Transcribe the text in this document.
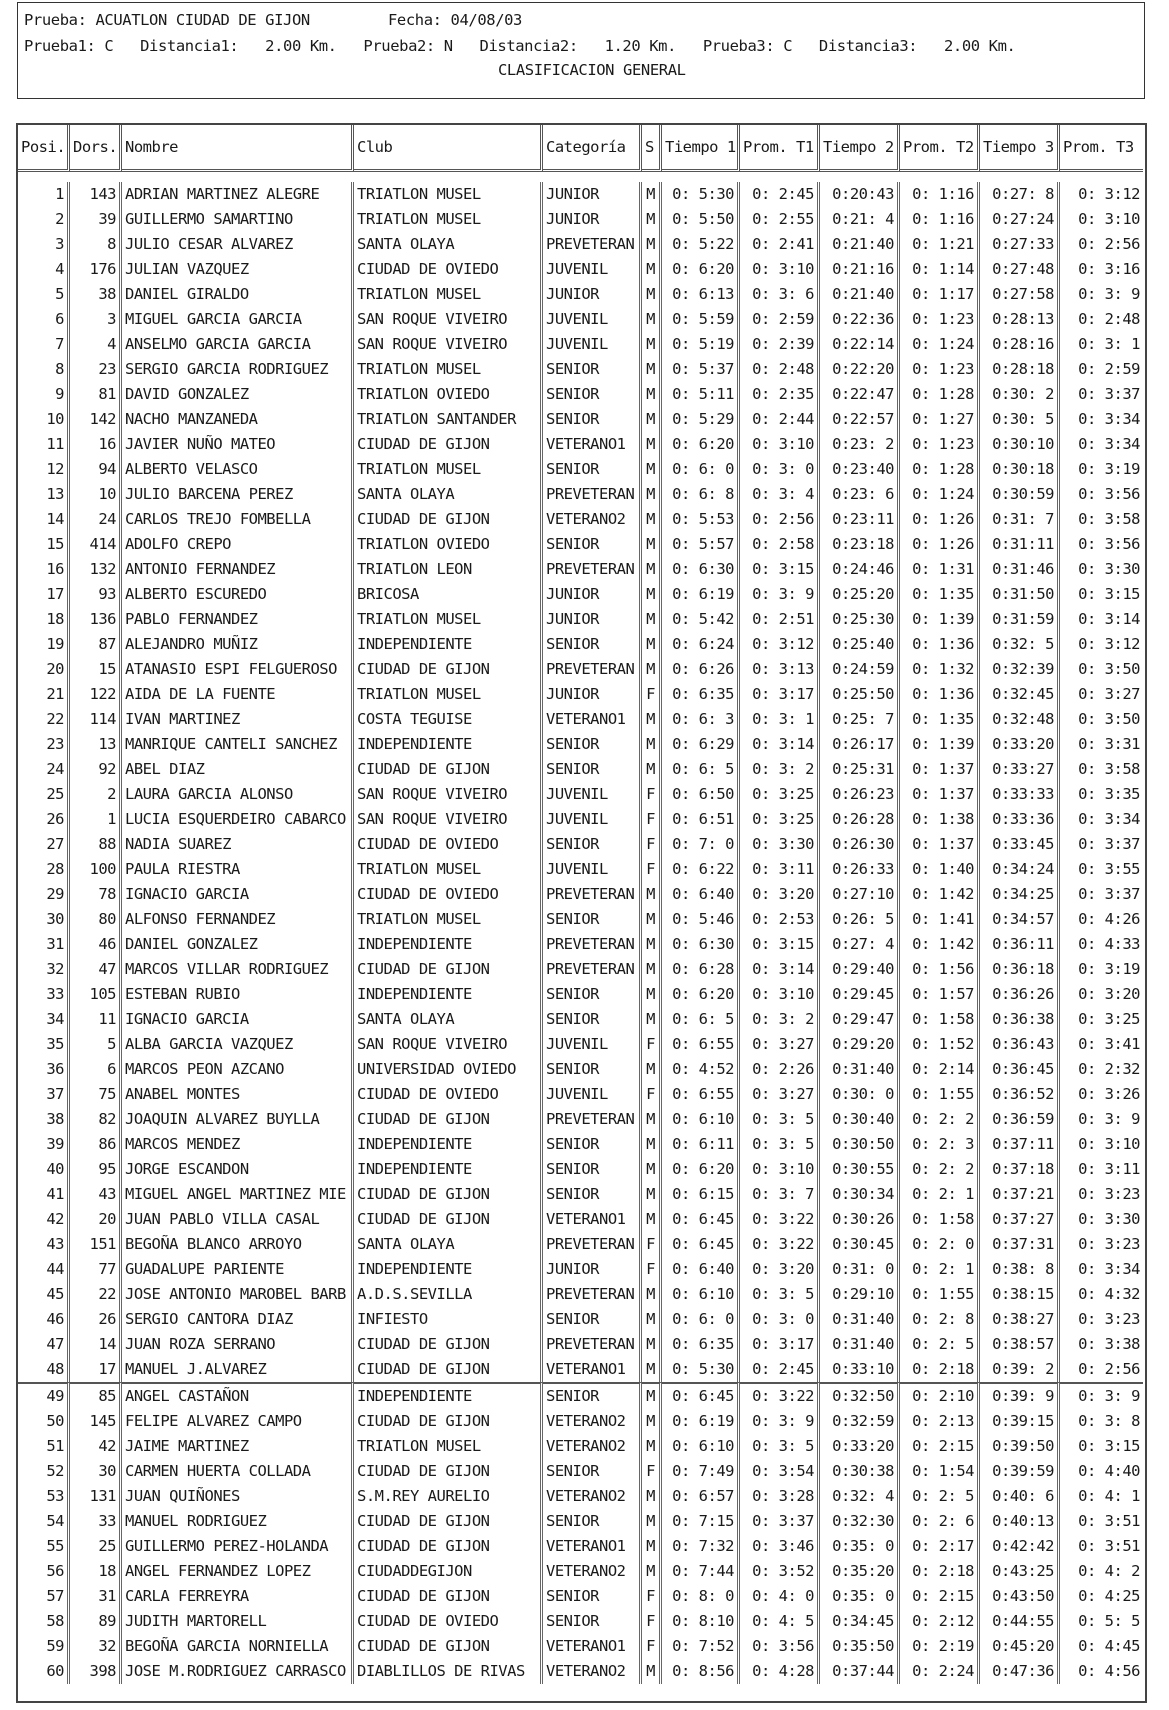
Prueba: ACUATLON CIUDAD DE GIJON	Fecha: 04/08/03
Prueba1: C   Distancia1:   2.00 Km.   Prueba2: N   Distancia2:   1.20 Km.   Prueba3: C   Distancia3:   2.00 Km.
CLASIFICACION GENERAL
Posi.	Dors.	Nombre	Club	Categoría	S	Tiempo 1	Prom. T1	Tiempo 2	Prom. T2	Tiempo 3	Prom. T3

1	143	ADRIAN MARTINEZ ALEGRE	TRIATLON MUSEL	JUNIOR	M	0: 5:30	0: 2:45	0:20:43	0: 1:16	0:27: 8	0: 3:12
2	39	GUILLERMO SAMARTINO	TRIATLON MUSEL	JUNIOR	M	0: 5:50	0: 2:55	0:21: 4	0: 1:16	0:27:24	0: 3:10
3	8	JULIO CESAR ALVAREZ	SANTA OLAYA	PREVETERAN	M	0: 5:22	0: 2:41	0:21:40	0: 1:21	0:27:33	0: 2:56
4	176	JULIAN VAZQUEZ	CIUDAD DE OVIEDO	JUVENIL	M	0: 6:20	0: 3:10	0:21:16	0: 1:14	0:27:48	0: 3:16
5	38	DANIEL GIRALDO	TRIATLON MUSEL	JUNIOR	M	0: 6:13	0: 3: 6	0:21:40	0: 1:17	0:27:58	0: 3: 9
6	3	MIGUEL GARCIA GARCIA	SAN ROQUE VIVEIRO	JUVENIL	M	0: 5:59	0: 2:59	0:22:36	0: 1:23	0:28:13	0: 2:48
7	4	ANSELMO GARCIA GARCIA	SAN ROQUE VIVEIRO	JUVENIL	M	0: 5:19	0: 2:39	0:22:14	0: 1:24	0:28:16	0: 3: 1
8	23	SERGIO GARCIA RODRIGUEZ	TRIATLON MUSEL	SENIOR	M	0: 5:37	0: 2:48	0:22:20	0: 1:23	0:28:18	0: 2:59
9	81	DAVID GONZALEZ	TRIATLON OVIEDO	SENIOR	M	0: 5:11	0: 2:35	0:22:47	0: 1:28	0:30: 2	0: 3:37
10	142	NACHO MANZANEDA	TRIATLON SANTANDER	SENIOR	M	0: 5:29	0: 2:44	0:22:57	0: 1:27	0:30: 5	0: 3:34
11	16	JAVIER NUÑO MATEO	CIUDAD DE GIJON	VETERANO1	M	0: 6:20	0: 3:10	0:23: 2	0: 1:23	0:30:10	0: 3:34
12	94	ALBERTO VELASCO	TRIATLON MUSEL	SENIOR	M	0: 6: 0	0: 3: 0	0:23:40	0: 1:28	0:30:18	0: 3:19
13	10	JULIO BARCENA PEREZ	SANTA OLAYA	PREVETERAN	M	0: 6: 8	0: 3: 4	0:23: 6	0: 1:24	0:30:59	0: 3:56
14	24	CARLOS TREJO FOMBELLA	CIUDAD DE GIJON	VETERANO2	M	0: 5:53	0: 2:56	0:23:11	0: 1:26	0:31: 7	0: 3:58
15	414	ADOLFO CREPO	TRIATLON OVIEDO	SENIOR	M	0: 5:57	0: 2:58	0:23:18	0: 1:26	0:31:11	0: 3:56
16	132	ANTONIO FERNANDEZ	TRIATLON LEON	PREVETERAN	M	0: 6:30	0: 3:15	0:24:46	0: 1:31	0:31:46	0: 3:30
17	93	ALBERTO ESCUREDO	BRICOSA	JUNIOR	M	0: 6:19	0: 3: 9	0:25:20	0: 1:35	0:31:50	0: 3:15
18	136	PABLO FERNANDEZ	TRIATLON MUSEL	JUNIOR	M	0: 5:42	0: 2:51	0:25:30	0: 1:39	0:31:59	0: 3:14
19	87	ALEJANDRO MUÑIZ	INDEPENDIENTE	SENIOR	M	0: 6:24	0: 3:12	0:25:40	0: 1:36	0:32: 5	0: 3:12
20	15	ATANASIO ESPI FELGUEROSO	CIUDAD DE GIJON	PREVETERAN	M	0: 6:26	0: 3:13	0:24:59	0: 1:32	0:32:39	0: 3:50
21	122	AIDA DE LA FUENTE	TRIATLON MUSEL	JUNIOR	F	0: 6:35	0: 3:17	0:25:50	0: 1:36	0:32:45	0: 3:27
22	114	IVAN MARTINEZ	COSTA TEGUISE	VETERANO1	M	0: 6: 3	0: 3: 1	0:25: 7	0: 1:35	0:32:48	0: 3:50
23	13	MANRIQUE CANTELI SANCHEZ	INDEPENDIENTE	SENIOR	M	0: 6:29	0: 3:14	0:26:17	0: 1:39	0:33:20	0: 3:31
24	92	ABEL DIAZ	CIUDAD DE GIJON	SENIOR	M	0: 6: 5	0: 3: 2	0:25:31	0: 1:37	0:33:27	0: 3:58
25	2	LAURA GARCIA ALONSO	SAN ROQUE VIVEIRO	JUVENIL	F	0: 6:50	0: 3:25	0:26:23	0: 1:37	0:33:33	0: 3:35
26	1	LUCIA ESQUERDEIRO CABARCO	SAN ROQUE VIVEIRO	JUVENIL	F	0: 6:51	0: 3:25	0:26:28	0: 1:38	0:33:36	0: 3:34
27	88	NADIA SUAREZ	CIUDAD DE OVIEDO	SENIOR	F	0: 7: 0	0: 3:30	0:26:30	0: 1:37	0:33:45	0: 3:37
28	100	PAULA RIESTRA	TRIATLON MUSEL	JUVENIL	F	0: 6:22	0: 3:11	0:26:33	0: 1:40	0:34:24	0: 3:55
29	78	IGNACIO GARCIA	CIUDAD DE OVIEDO	PREVETERAN	M	0: 6:40	0: 3:20	0:27:10	0: 1:42	0:34:25	0: 3:37
30	80	ALFONSO FERNANDEZ	TRIATLON MUSEL	SENIOR	M	0: 5:46	0: 2:53	0:26: 5	0: 1:41	0:34:57	0: 4:26
31	46	DANIEL GONZALEZ	INDEPENDIENTE	PREVETERAN	M	0: 6:30	0: 3:15	0:27: 4	0: 1:42	0:36:11	0: 4:33
32	47	MARCOS VILLAR RODRIGUEZ	CIUDAD DE GIJON	PREVETERAN	M	0: 6:28	0: 3:14	0:29:40	0: 1:56	0:36:18	0: 3:19
33	105	ESTEBAN RUBIO	INDEPENDIENTE	SENIOR	M	0: 6:20	0: 3:10	0:29:45	0: 1:57	0:36:26	0: 3:20
34	11	IGNACIO GARCIA	SANTA OLAYA	SENIOR	M	0: 6: 5	0: 3: 2	0:29:47	0: 1:58	0:36:38	0: 3:25
35	5	ALBA GARCIA VAZQUEZ	SAN ROQUE VIVEIRO	JUVENIL	F	0: 6:55	0: 3:27	0:29:20	0: 1:52	0:36:43	0: 3:41
36	6	MARCOS PEON AZCANO	UNIVERSIDAD OVIEDO	SENIOR	M	0: 4:52	0: 2:26	0:31:40	0: 2:14	0:36:45	0: 2:32
37	75	ANABEL MONTES	CIUDAD DE OVIEDO	JUVENIL	F	0: 6:55	0: 3:27	0:30: 0	0: 1:55	0:36:52	0: 3:26
38	82	JOAQUIN ALVAREZ BUYLLA	CIUDAD DE GIJON	PREVETERAN	M	0: 6:10	0: 3: 5	0:30:40	0: 2: 2	0:36:59	0: 3: 9
39	86	MARCOS MENDEZ	INDEPENDIENTE	SENIOR	M	0: 6:11	0: 3: 5	0:30:50	0: 2: 3	0:37:11	0: 3:10
40	95	JORGE ESCANDON	INDEPENDIENTE	SENIOR	M	0: 6:20	0: 3:10	0:30:55	0: 2: 2	0:37:18	0: 3:11
41	43	MIGUEL ANGEL MARTINEZ MIE	CIUDAD DE GIJON	SENIOR	M	0: 6:15	0: 3: 7	0:30:34	0: 2: 1	0:37:21	0: 3:23
42	20	JUAN PABLO VILLA CASAL	CIUDAD DE GIJON	VETERANO1	M	0: 6:45	0: 3:22	0:30:26	0: 1:58	0:37:27	0: 3:30
43	151	BEGOÑA BLANCO ARROYO	SANTA OLAYA	PREVETERAN	F	0: 6:45	0: 3:22	0:30:45	0: 2: 0	0:37:31	0: 3:23
44	77	GUADALUPE PARIENTE	INDEPENDIENTE	JUNIOR	F	0: 6:40	0: 3:20	0:31: 0	0: 2: 1	0:38: 8	0: 3:34
45	22	JOSE ANTONIO MAROBEL BARB	A.D.S.SEVILLA	PREVETERAN	M	0: 6:10	0: 3: 5	0:29:10	0: 1:55	0:38:15	0: 4:32
46	26	SERGIO CANTORA DIAZ	INFIESTO	SENIOR	M	0: 6: 0	0: 3: 0	0:31:40	0: 2: 8	0:38:27	0: 3:23
47	14	JUAN ROZA SERRANO	CIUDAD DE GIJON	PREVETERAN	M	0: 6:35	0: 3:17	0:31:40	0: 2: 5	0:38:57	0: 3:38
48	17	MANUEL J.ALVAREZ	CIUDAD DE GIJON	VETERANO1	M	0: 5:30	0: 2:45	0:33:10	0: 2:18	0:39: 2	0: 2:56
49	85	ANGEL CASTAÑON	INDEPENDIENTE	SENIOR	M	0: 6:45	0: 3:22	0:32:50	0: 2:10	0:39: 9	0: 3: 9
50	145	FELIPE ALVAREZ CAMPO	CIUDAD DE GIJON	VETERANO2	M	0: 6:19	0: 3: 9	0:32:59	0: 2:13	0:39:15	0: 3: 8
51	42	JAIME MARTINEZ	TRIATLON MUSEL	VETERANO2	M	0: 6:10	0: 3: 5	0:33:20	0: 2:15	0:39:50	0: 3:15
52	30	CARMEN HUERTA COLLADA	CIUDAD DE GIJON	SENIOR	F	0: 7:49	0: 3:54	0:30:38	0: 1:54	0:39:59	0: 4:40
53	131	JUAN QUIÑONES	S.M.REY AURELIO	VETERANO2	M	0: 6:57	0: 3:28	0:32: 4	0: 2: 5	0:40: 6	0: 4: 1
54	33	MANUEL RODRIGUEZ	CIUDAD DE GIJON	SENIOR	M	0: 7:15	0: 3:37	0:32:30	0: 2: 6	0:40:13	0: 3:51
55	25	GUILLERMO PEREZ-HOLANDA	CIUDAD DE GIJON	VETERANO1	M	0: 7:32	0: 3:46	0:35: 0	0: 2:17	0:42:42	0: 3:51
56	18	ANGEL FERNANDEZ LOPEZ	CIUDADDEGIJON	VETERANO2	M	0: 7:44	0: 3:52	0:35:20	0: 2:18	0:43:25	0: 4: 2
57	31	CARLA FERREYRA	CIUDAD DE GIJON	SENIOR	F	0: 8: 0	0: 4: 0	0:35: 0	0: 2:15	0:43:50	0: 4:25
58	89	JUDITH MARTORELL	CIUDAD DE OVIEDO	SENIOR	F	0: 8:10	0: 4: 5	0:34:45	0: 2:12	0:44:55	0: 5: 5
59	32	BEGOÑA GARCIA NORNIELLA	CIUDAD DE GIJON	VETERANO1	F	0: 7:52	0: 3:56	0:35:50	0: 2:19	0:45:20	0: 4:45
60	398	JOSE M.RODRIGUEZ CARRASCO	DIABLILLOS DE RIVAS	VETERANO2	M	0: 8:56	0: 4:28	0:37:44	0: 2:24	0:47:36	0: 4:56
